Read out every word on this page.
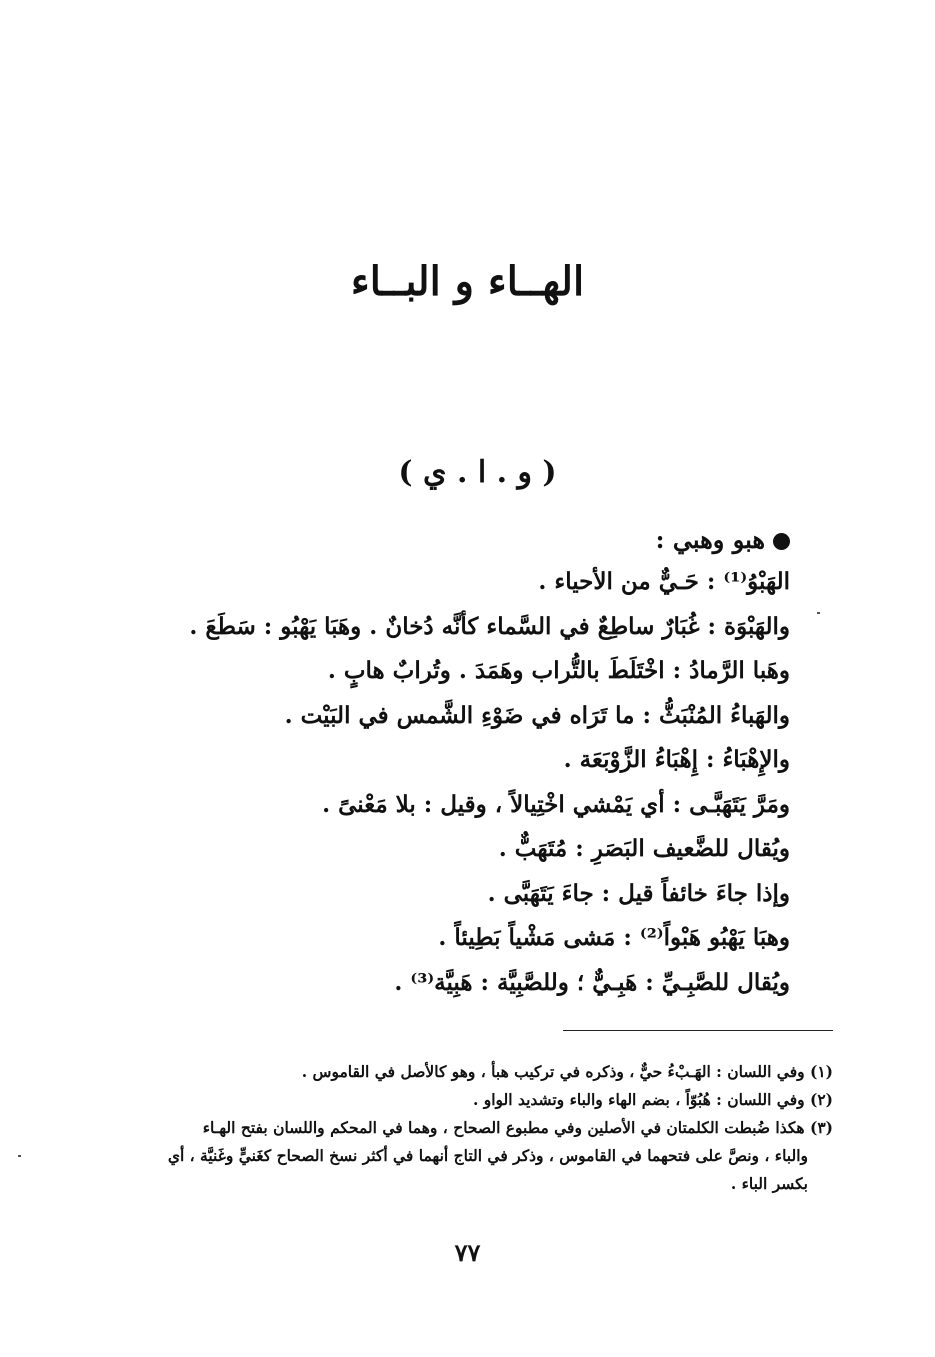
الهــاء و البــاء
( و . ا . ي )
هبو وهبي :
الهَبْوُ⁽¹⁾ : حَـيٌّ من الأحياء .
والهَبْوَة : غُبَارٌ ساطِعٌ في السَّماء كأنَّه دُخانٌ . وهَبَا يَهْبُو : سَطَعَ .
وهَبا الرَّمادُ : اخْتَلَطَ بالتُّراب وهَمَدَ . وتُرابٌ هابٍ .
والهَباءُ المُنْبَثُّ : ما تَرَاه في ضَوْءِ الشَّمس في البَيْت .
والإِهْبَاءُ : إِهْبَاءُ الزَّوْبَعَة .
ومَرَّ يَتَهَبَّـى : أي يَمْشي اخْتِيالاً ، وقيل : بلا مَعْنىً .
ويُقال للضَّعيف البَصَرِ : مُتَهَبٌّ .
وإذا جاءَ خائفاً قيل : جاءَ يَتَهَبَّى .
وهبَا يَهْبُو هَبْواً⁽²⁾ : مَشى مَشْياً بَطِيئاً .
ويُقال للصَّبِـيِّ : هَبِـيٌّ ؛ وللصَّبِيَّة : هَبِيَّة⁽³⁾ .
(١) وفي اللسان : الهَـبْءُ حيٌّ ، وذكره في تركيب هبأ ، وهو كالأصل في القاموس .
(٢) وفي اللسان : هُبُوّاً ، بضم الهاء والباء وتشديد الواو .
(٣) هكذا ضُبطت الكلمتان في الأصلين وفي مطبوع الصحاح ، وهما في المحكم واللسان بفتح الهـاء
والباء ، ونصَّ على فتحهما في القاموس ، وذكر في التاج أنهما في أكثر نسخ الصحاح كغَنيٍّ وغَنيَّة ، أي
بكسر الباء .
٧٧
